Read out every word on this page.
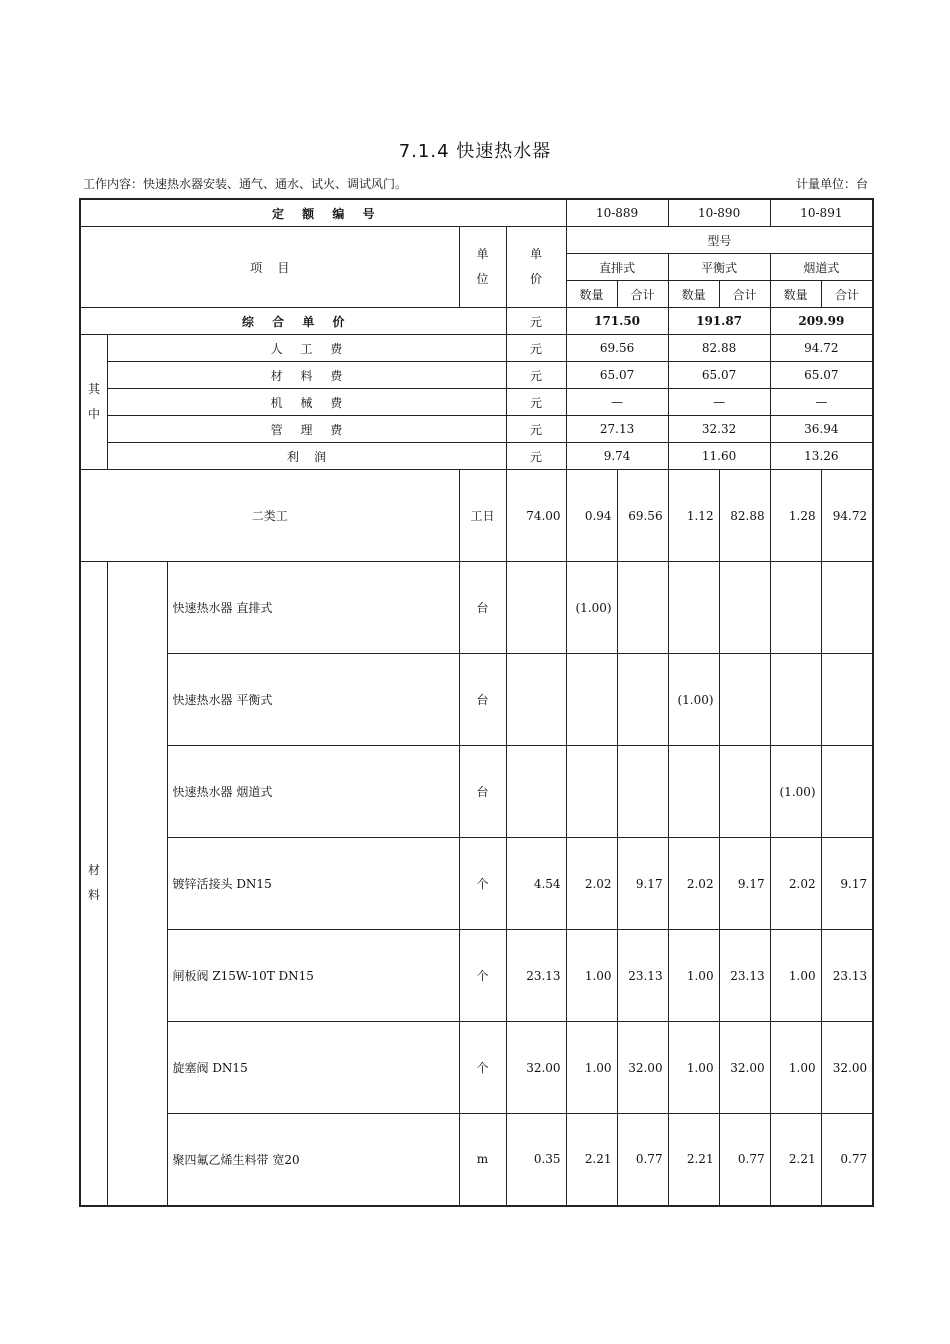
7.1.4 快速热水器
工作内容：快速热水器安装、通气、通水、试火、调试风门。	计量单位：台
定 额 编 号					10-889		10-890		10-891	
项    目			单位	单价	型号					
					直排式		平衡式		烟道式	
					数量	合计	数量	合计	数量	合计
综 合 单 价				元	171.50		191.87		209.99	
其中	人 工 费			元	69.56		82.88		94.72	
	材 料 费			元	65.07		65.07		65.07	
	机 械 费			元	—		—		—	
	管 理 费			元	27.13		32.32		36.94	
	利    润			元	9.74		11.60		13.26	
二类工			工日	74.00	0.94	69.56	1.12	82.88	1.28	94.72
材料		快速热水器 直排式	台		(1.00)					
		快速热水器 平衡式	台				(1.00)			
		快速热水器 烟道式	台						(1.00)	
		镀锌活接头 DN15	个	4.54	2.02	9.17	2.02	9.17	2.02	9.17
		闸板阀 Z15W-10T DN15	个	23.13	1.00	23.13	1.00	23.13	1.00	23.13
		旋塞阀 DN15	个	32.00	1.00	32.00	1.00	32.00	1.00	32.00
		聚四氟乙烯生料带 宽20	m	0.35	2.21	0.77	2.21	0.77	2.21	0.77
